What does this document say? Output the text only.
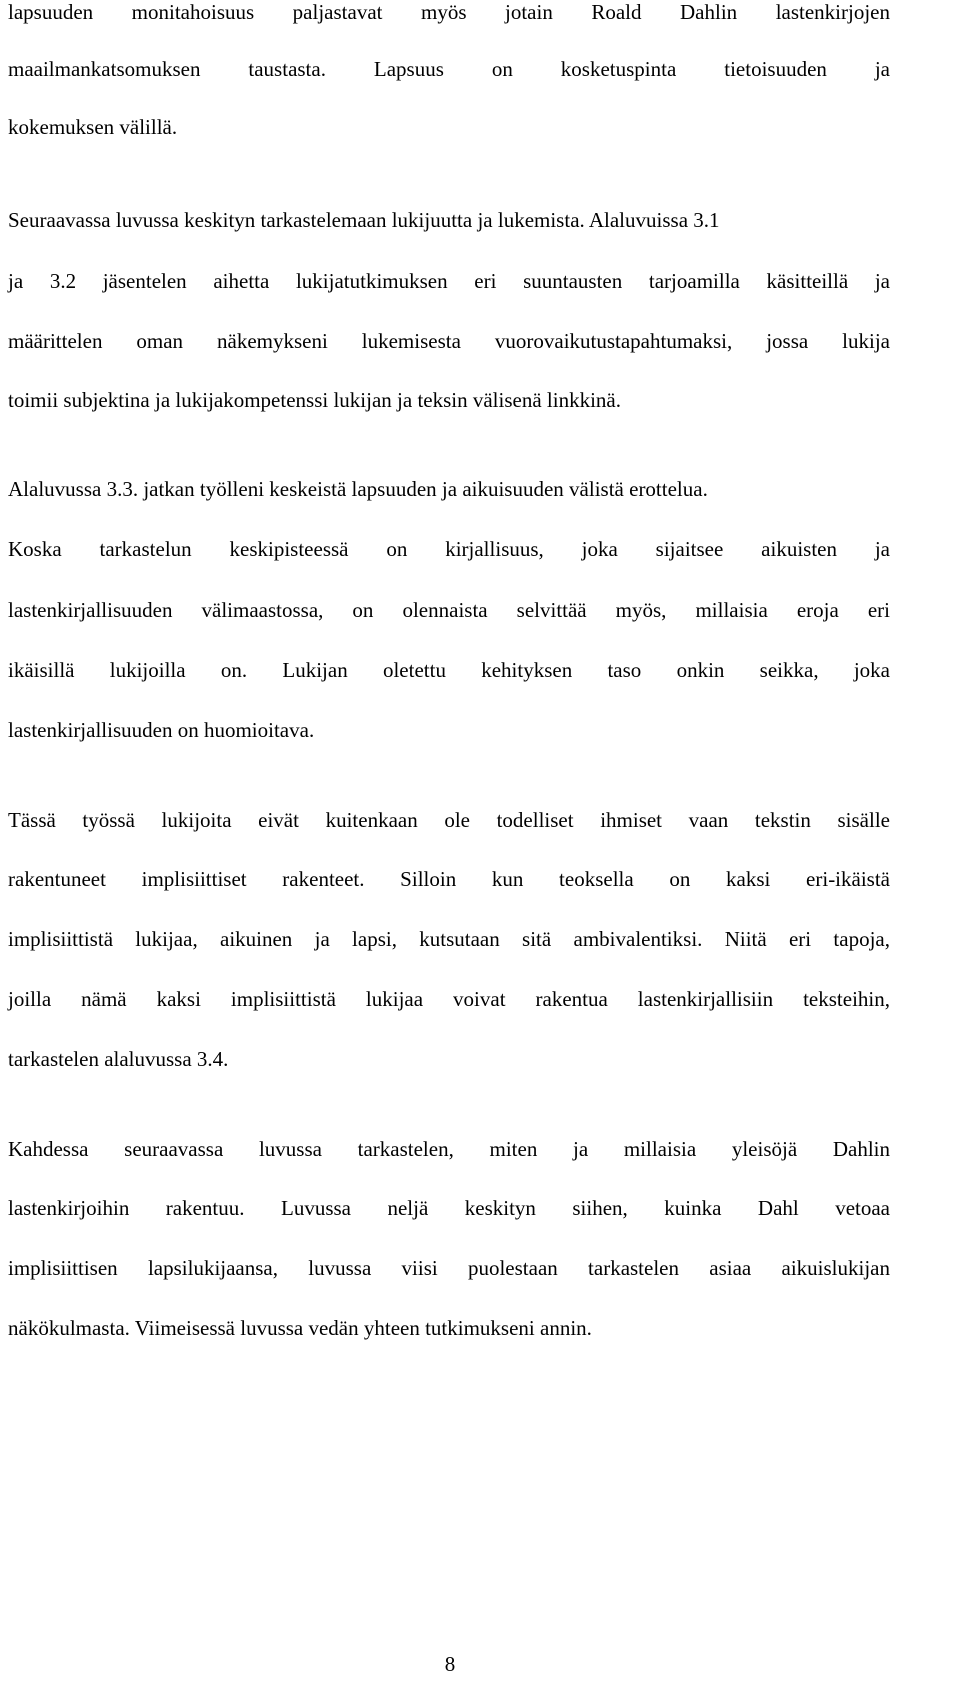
lapsuuden monitahoisuus paljastavat myös jotain Roald Dahlin lastenkirjojen
maailmankatsomuksen taustasta. Lapsuus on kosketuspinta tietoisuuden ja
kokemuksen välillä.
Seuraavassa luvussa keskityn tarkastelemaan lukijuutta ja lukemista. Alaluvuissa 3.1
ja 3.2 jäsentelen aihetta lukijatutkimuksen eri suuntausten tarjoamilla käsitteillä ja
määrittelen oman näkemykseni lukemisesta vuorovaikutustapahtumaksi, jossa lukija
toimii subjektina ja lukijakompetenssi lukijan ja teksin välisenä linkkinä.
Alaluvussa 3.3. jatkan työlleni keskeistä lapsuuden ja aikuisuuden välistä erottelua.
Koska tarkastelun keskipisteessä on kirjallisuus, joka sijaitsee aikuisten ja
lastenkirjallisuuden välimaastossa, on olennaista selvittää myös, millaisia eroja eri
ikäisillä lukijoilla on. Lukijan oletettu kehityksen taso onkin seikka, joka
lastenkirjallisuuden on huomioitava.
Tässä työssä lukijoita eivät kuitenkaan ole todelliset ihmiset vaan tekstin sisälle
rakentuneet implisiittiset rakenteet. Silloin kun teoksella on kaksi eri-ikäistä
implisiittistä lukijaa, aikuinen ja lapsi, kutsutaan sitä ambivalentiksi. Niitä eri tapoja,
joilla nämä kaksi implisiittistä lukijaa voivat rakentua lastenkirjallisiin teksteihin,
tarkastelen alaluvussa 3.4.
Kahdessa seuraavassa luvussa tarkastelen, miten ja millaisia yleisöjä Dahlin
lastenkirjoihin rakentuu. Luvussa neljä keskityn siihen, kuinka Dahl vetoaa
implisiittisen lapsilukijaansa, luvussa viisi puolestaan tarkastelen asiaa aikuislukijan
näkökulmasta. Viimeisessä luvussa vedän yhteen tutkimukseni annin.
8
